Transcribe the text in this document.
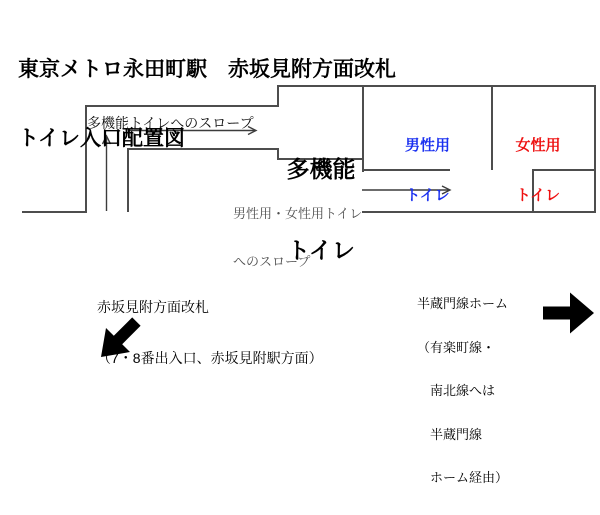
東京メトロ永田町駅　赤坂見附方面改札

トイレ入口配置図

多機能トイレへのスロープ

多機能

トイレ

男性用

トイレ

女性用

トイレ

男性用・女性用トイレ

へのスロープ

赤坂見附方面改札

（7・8番出入口、赤坂見附駅方面）

半蔵門線ホーム

（有楽町線・

　南北線へは

　半蔵門線

　ホーム経由）
